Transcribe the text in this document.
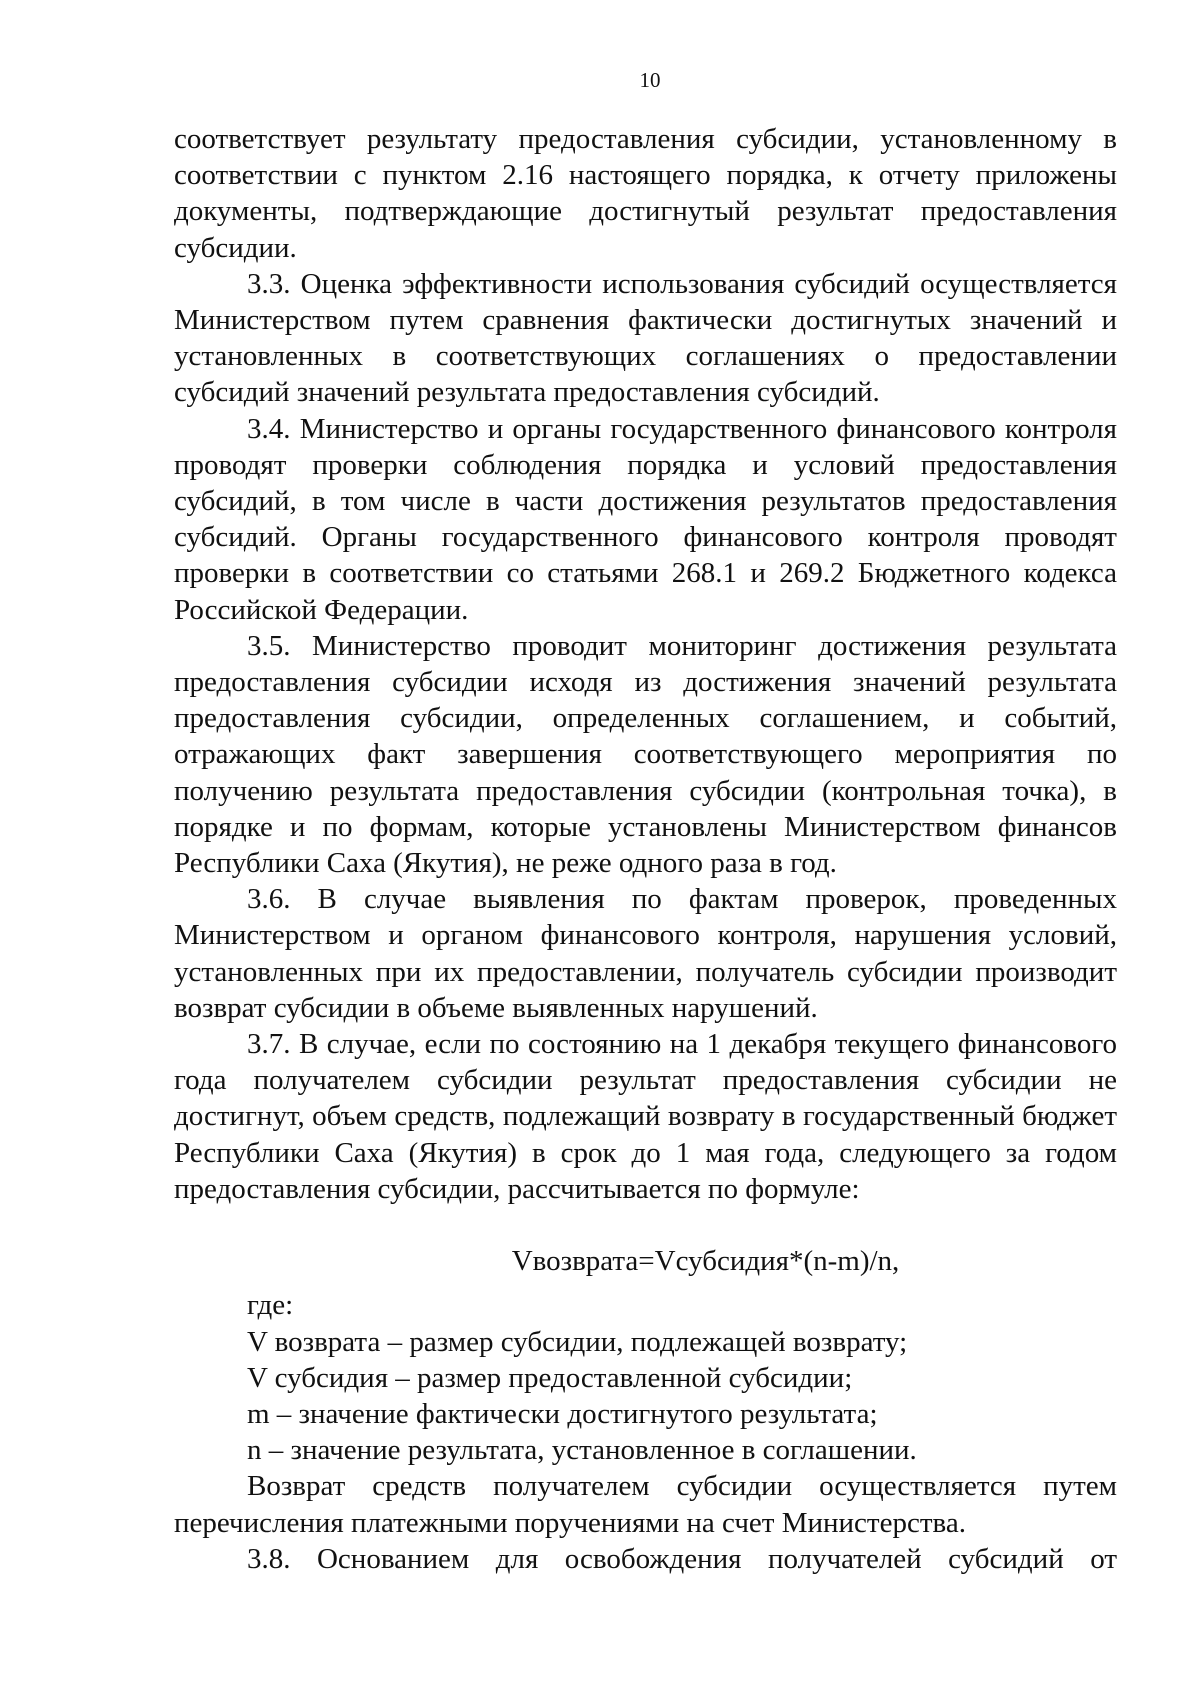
10

соответствует результату предоставления субсидии, установленному в соответствии с пунктом 2.16 настоящего порядка, к отчету приложены документы, подтверждающие достигнутый результат предоставления субсидии.

3.3. Оценка эффективности использования субсидий осуществляется Министерством путем сравнения фактически достигнутых значений и установленных в соответствующих соглашениях о предоставлении субсидий значений результата предоставления субсидий.

3.4. Министерство и органы государственного финансового контроля проводят проверки соблюдения порядка и условий предоставления субсидий, в том числе в части достижения результатов предоставления субсидий. Органы государственного финансового контроля проводят проверки в соответствии со статьями 268.1 и 269.2 Бюджетного кодекса Российской Федерации.

3.5. Министерство проводит мониторинг достижения результата предоставления субсидии исходя из достижения значений результата предоставления субсидии, определенных соглашением, и событий, отражающих факт завершения соответствующего мероприятия по получению результата предоставления субсидии (контрольная точка), в порядке и по формам, которые установлены Министерством финансов Республики Саха (Якутия), не реже одного раза в год.

3.6. В случае выявления по фактам проверок, проведенных Министерством и органом финансового контроля, нарушения условий, установленных при их предоставлении, получатель субсидии производит возврат субсидии в объеме выявленных нарушений.

3.7. В случае, если по состоянию на 1 декабря текущего финансового года получателем субсидии результат предоставления субсидии не достигнут, объем средств, подлежащий возврату в государственный бюджет Республики Саха (Якутия) в срок до 1 мая года, следующего за годом предоставления субсидии, рассчитывается по формуле:

Vвозврата=Vсубсидия*(n-m)/n,

где:

V возврата – размер субсидии, подлежащей возврату;

V субсидия – размер предоставленной субсидии;

m – значение фактически достигнутого результата;

n – значение результата, установленное в соглашении.

Возврат средств получателем субсидии осуществляется путем перечисления платежными поручениями на счет Министерства.

3.8. Основанием для освобождения получателей субсидий от
